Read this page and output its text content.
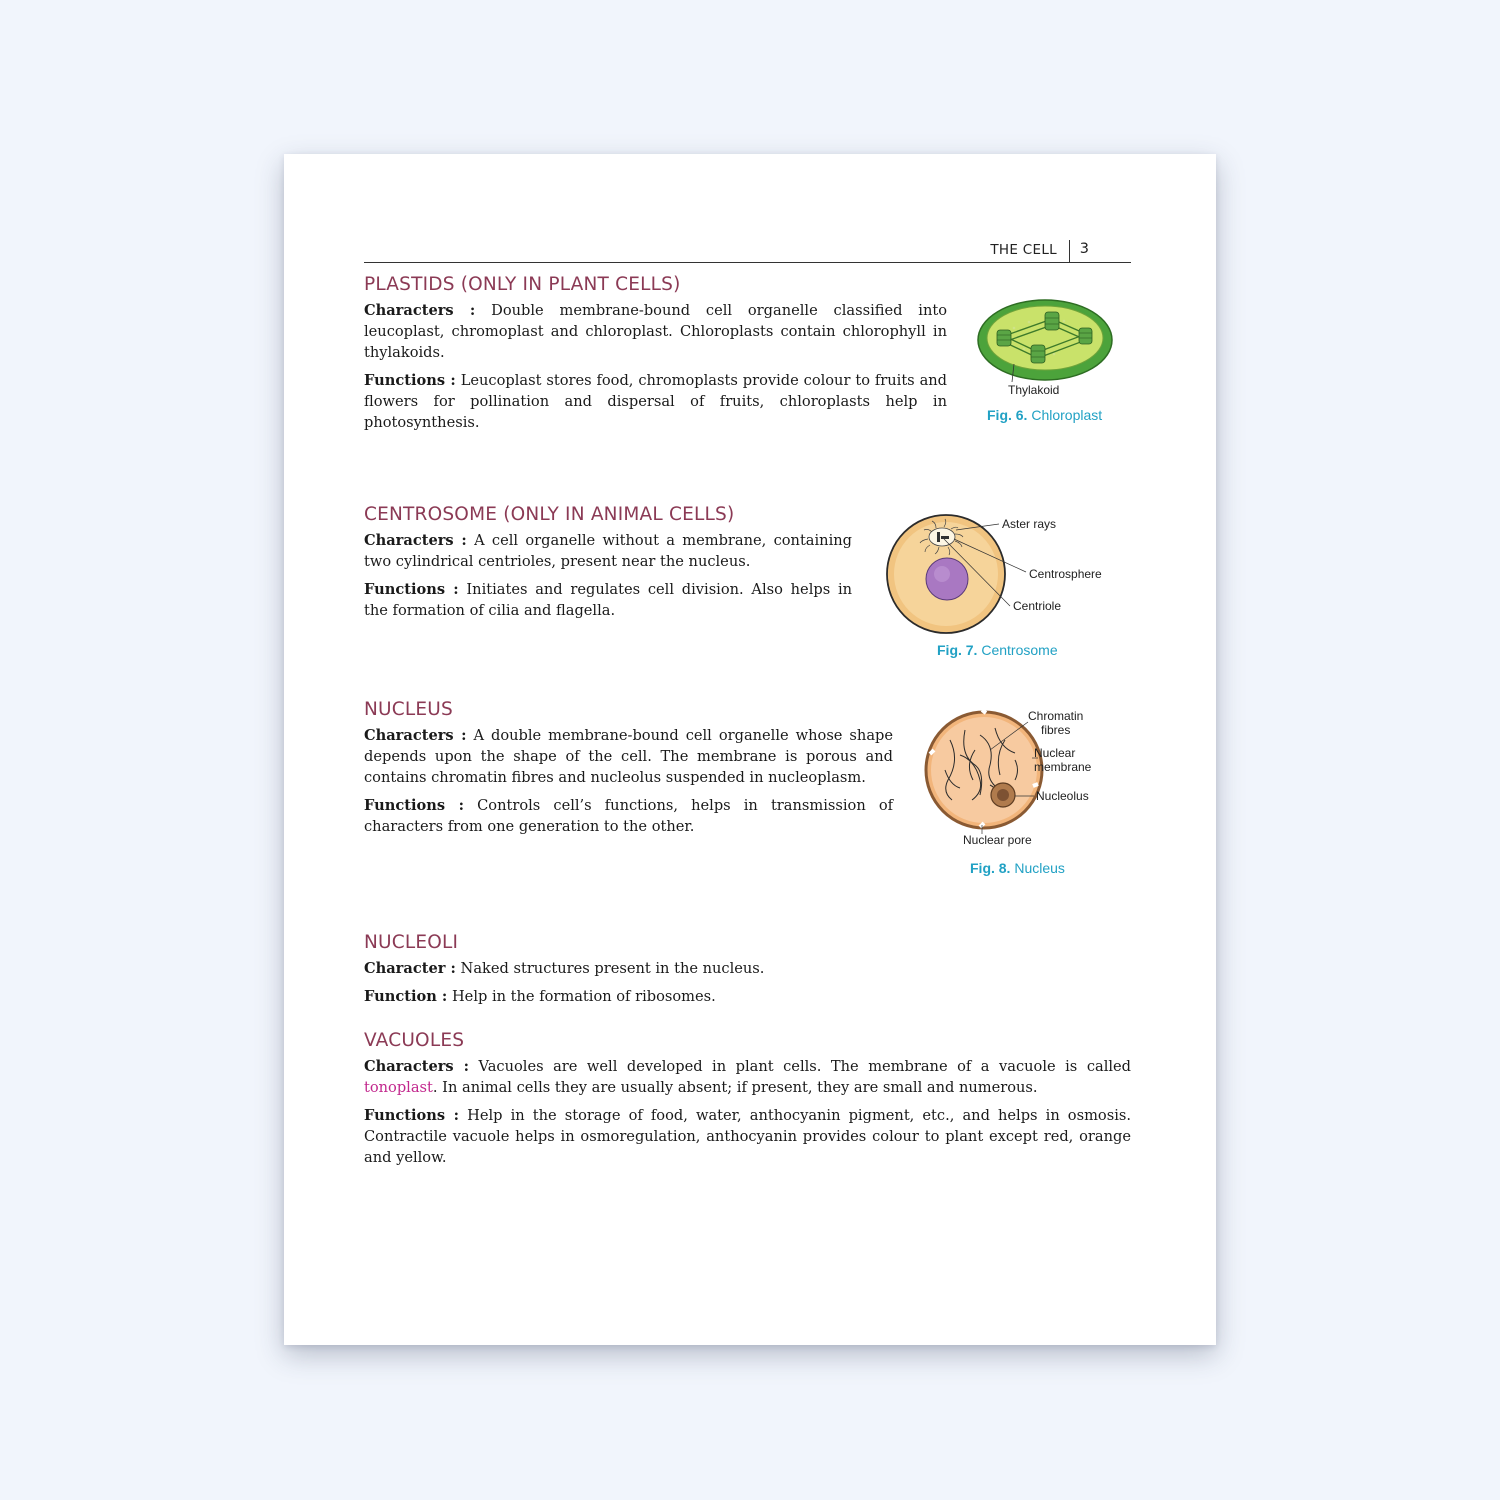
THE CELL 3
PLASTIDS (ONLY IN PLANT CELLS)

Characters : Double membrane-bound cell organelle classified into leucoplast, chromoplast and chloroplast. Chloroplasts contain chlorophyll in thylakoids.

Functions : Leucoplast stores food, chromoplasts provide colour to fruits and flowers for pollination and dispersal of fruits, chloroplasts help in photosynthesis.

Thylakoid
Fig. 6. Chloroplast
CENTROSOME (ONLY IN ANIMAL CELLS)

Characters : A cell organelle without a membrane, containing two cylindrical centrioles, present near the nucleus.

Functions : Initiates and regulates cell division. Also helps in the formation of cilia and flagella.

Aster rays
Centrosphere
Centriole
Fig. 7. Centrosome
NUCLEUS

Characters : A double membrane-bound cell organelle whose shape depends upon the shape of the cell. The membrane is porous and contains chromatin fibres and nucleolus suspended in nucleoplasm.

Functions : Controls cell’s functions, helps in transmission of characters from one generation to the other.

Chromatin
fibres
Nuclear
membrane
Nucleolus
Nuclear pore
Fig. 8. Nucleus
NUCLEOLI

Character : Naked structures present in the nucleus.

Function : Help in the formation of ribosomes.

VACUOLES

Characters : Vacuoles are well developed in plant cells. The membrane of a vacuole is called tonoplast. In animal cells they are usually absent; if present, they are small and numerous.

Functions : Help in the storage of food, water, anthocyanin pigment, etc., and helps in osmosis. Contractile vacuole helps in osmoregulation, anthocyanin provides colour to plant except red, orange and yellow.
